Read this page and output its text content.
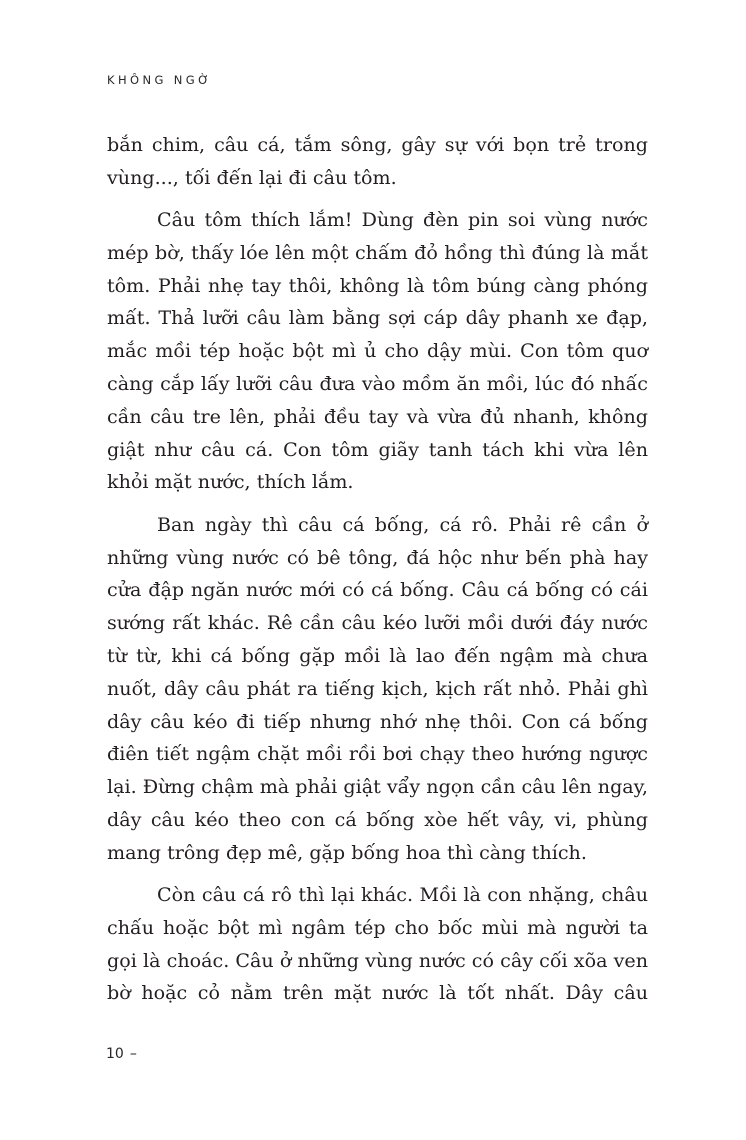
KHÔNG NGỜ

bắn chim, câu cá, tắm sông, gây sự với bọn trẻ trong vùng..., tối đến lại đi câu tôm.

Câu tôm thích lắm! Dùng đèn pin soi vùng nước mép bờ, thấy lóe lên một chấm đỏ hồng thì đúng là mắt tôm. Phải nhẹ tay thôi, không là tôm búng càng phóng mất. Thả lưỡi câu làm bằng sợi cáp dây phanh xe đạp, mắc mồi tép hoặc bột mì ủ cho dậy mùi. Con tôm quơ càng cắp lấy lưỡi câu đưa vào mồm ăn mồi, lúc đó nhấc cần câu tre lên, phải đều tay và vừa đủ nhanh, không giật như câu cá. Con tôm giãy tanh tách khi vừa lên khỏi mặt nước, thích lắm.

Ban ngày thì câu cá bống, cá rô. Phải rê cần ở những vùng nước có bê tông, đá hộc như bến phà hay cửa đập ngăn nước mới có cá bống. Câu cá bống có cái sướng rất khác. Rê cần câu kéo lưỡi mồi dưới đáy nước từ từ, khi cá bống gặp mồi là lao đến ngậm mà chưa nuốt, dây câu phát ra tiếng kịch, kịch rất nhỏ. Phải ghì dây câu kéo đi tiếp nhưng nhớ nhẹ thôi. Con cá bống điên tiết ngậm chặt mồi rồi bơi chạy theo hướng ngược lại. Đừng chậm mà phải giật vẩy ngọn cần câu lên ngay, dây câu kéo theo con cá bống xòe hết vây, vi, phùng mang trông đẹp mê, gặp bống hoa thì càng thích.

Còn câu cá rô thì lại khác. Mồi là con nhặng, châu chấu hoặc bột mì ngâm tép cho bốc mùi mà người ta gọi là choác. Câu ở những vùng nước có cây cối xõa ven bờ hoặc cỏ nằm trên mặt nước là tốt nhất. Dây câu

10 –
